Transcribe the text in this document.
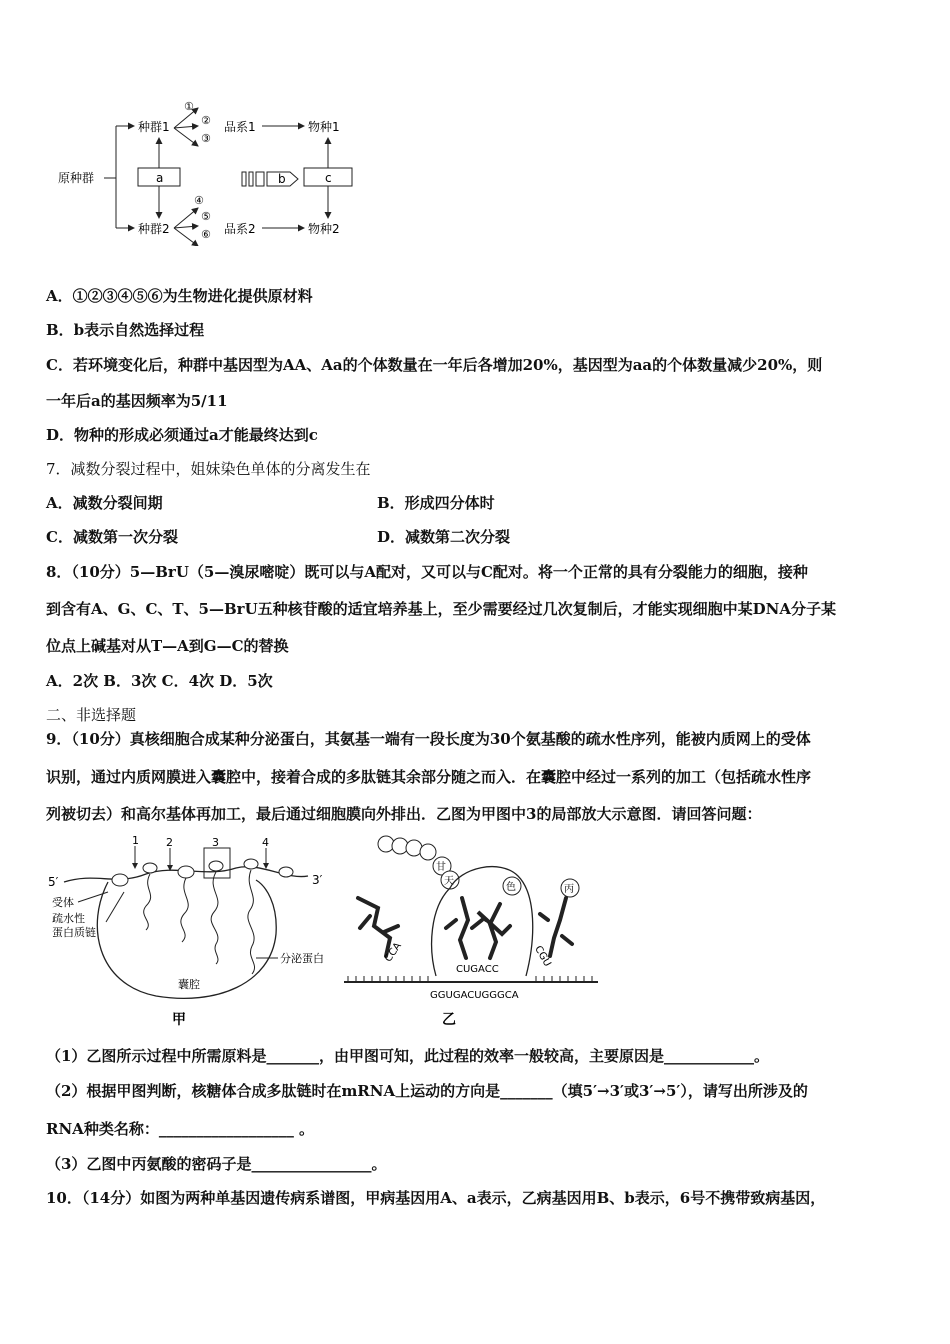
原种群
种群1
种群2
①
②
③
④
⑤
⑥
品系1
品系2
物种1
物种2
a	b	c
A．①②③④⑤⑥为生物进化提供原材料
B．b表示自然选择过程
C．若环境变化后，种群中基因型为AA、Aa的个体数量在一年后各增加20%，基因型为aa的个体数量减少20%，则
一年后a的基因频率为5/11
D．物种的形成必须通过a才能最终达到c
7．减数分裂过程中，姐妹染色单体的分离发生在
A．减数分裂间期	B．形成四分体时
C．减数第一次分裂	D．减数第二次分裂
8．（10分）5—BrU（5—溴尿嘧啶）既可以与A配对，又可以与C配对。将一个正常的具有分裂能力的细胞，接种
到含有A、G、C、T、5—BrU五种核苷酸的适宜培养基上，至少需要经过几次复制后，才能实现细胞中某DNA分子某
位点上碱基对从T—A到G—C的替换
A．2次 B．3次 C．4次 D．5次
二、非选择题
9．（10分）真核细胞合成某种分泌蛋白，其氨基一端有一段长度为30个氨基酸的疏水性序列，能被内质网上的受体
识别，通过内质网膜进入囊腔中，接着合成的多肽链其余部分随之而入．在囊腔中经过一系列的加工（包括疏水性序
列被切去）和高尔基体再加工，最后通过细胞膜向外排出．乙图为甲图中3的局部放大示意图．请回答问题：
5′	3′
1 2	3	4
受体
疏水性
蛋白质链
囊腔
分泌蛋白
甲
甘
天
色	丙
CCA
CUGACC
CGU
GGUGACUGGGCA
乙
（1）乙图所示过程中所需原料是_______，由甲图可知，此过程的效率一般较高，主要原因是____________。
（2）根据甲图判断，核糖体合成多肽链时在mRNA上运动的方向是_______（填5′→3′或3′→5′），请写出所涉及的
RNA种类名称：__________________ 。
（3）乙图中丙氨酸的密码子是________________。
10．（14分）如图为两种单基因遗传病系谱图，甲病基因用A、a表示，乙病基因用B、b表示，6号不携带致病基因，
